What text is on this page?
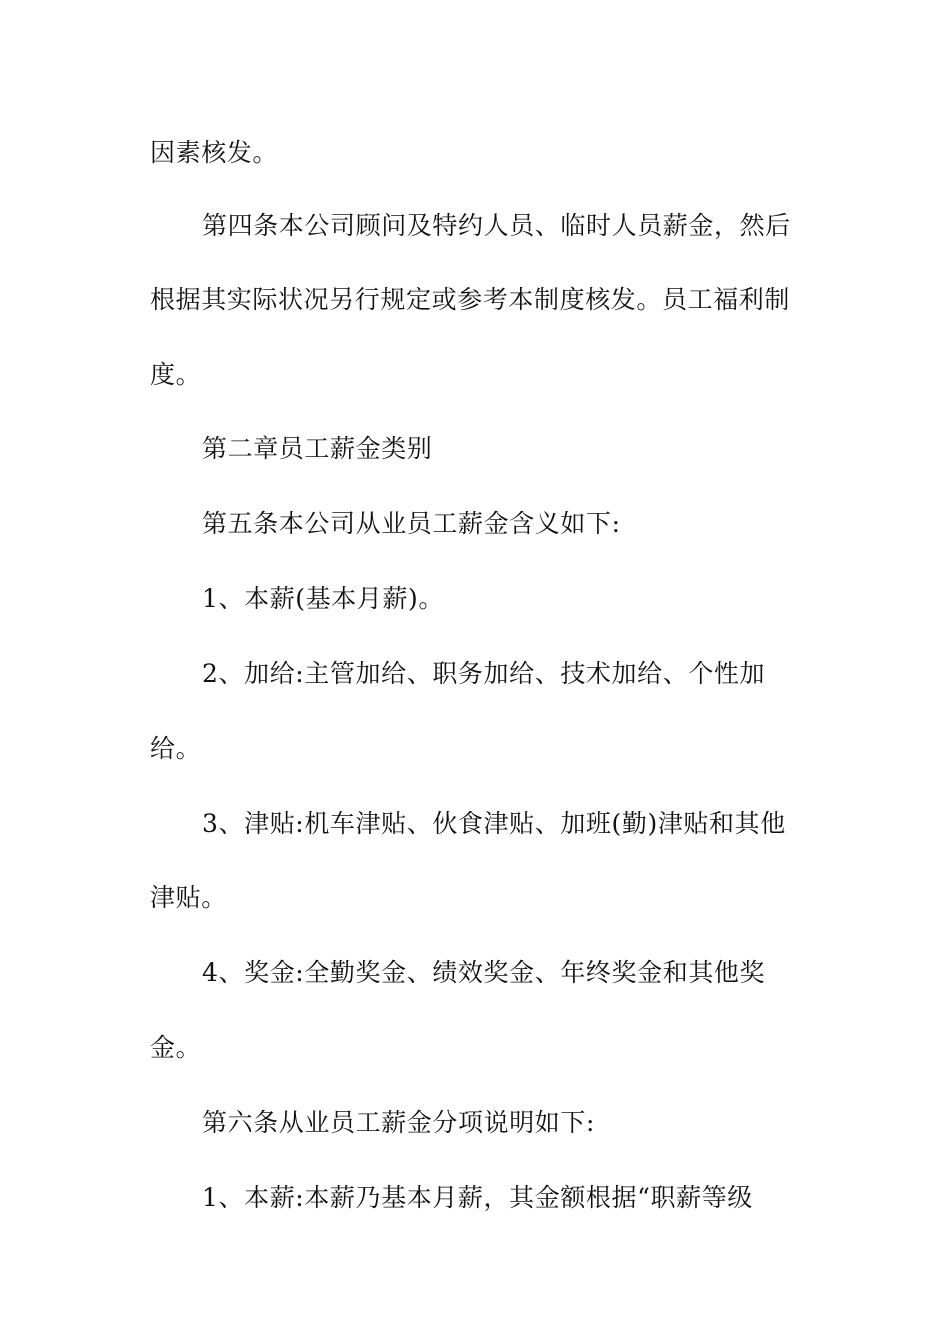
因素核发。
第四条本公司顾问及特约人员、临时人员薪金，然后
根据其实际状况另行规定或参考本制度核发。员工福利制
度。
第二章员工薪金类别
第五条本公司从业员工薪金含义如下:
1、本薪(基本月薪)。
2、加给:主管加给、职务加给、技术加给、个性加
给。
3、津贴:机车津贴、伙食津贴、加班(勤)津贴和其他
津贴。
4、奖金:全勤奖金、绩效奖金、年终奖金和其他奖
金。
第六条从业员工薪金分项说明如下:
1、本薪:本薪乃基本月薪，其金额根据“职薪等级
